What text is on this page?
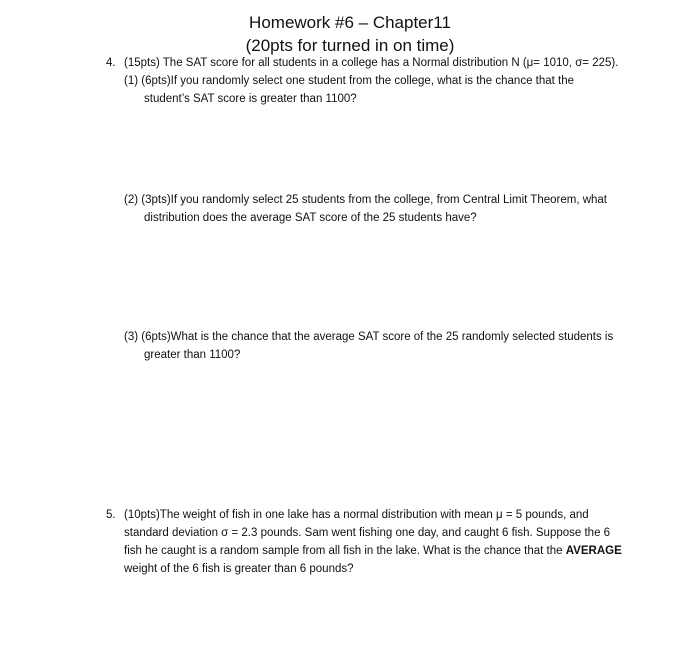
Homework #6 – Chapter11
(20pts for turned in on time)
4. (15pts) The SAT score for all students in a college has a Normal distribution N (μ= 1010, σ= 225).
(1) (6pts)If you randomly select one student from the college, what is the chance that the
student’s SAT score is greater than 1100?
(2) (3pts)If you randomly select 25 students from the college, from Central Limit Theorem, what
distribution does the average SAT score of the 25 students have?
(3) (6pts)What is the chance that the average SAT score of the 25 randomly selected students is
greater than 1100?
5. (10pts)The weight of fish in one lake has a normal distribution with mean μ = 5 pounds, and
standard deviation σ = 2.3 pounds. Sam went fishing one day, and caught 6 fish. Suppose the 6
fish he caught is a random sample from all fish in the lake. What is the chance that the AVERAGE
weight of the 6 fish is greater than 6 pounds?
